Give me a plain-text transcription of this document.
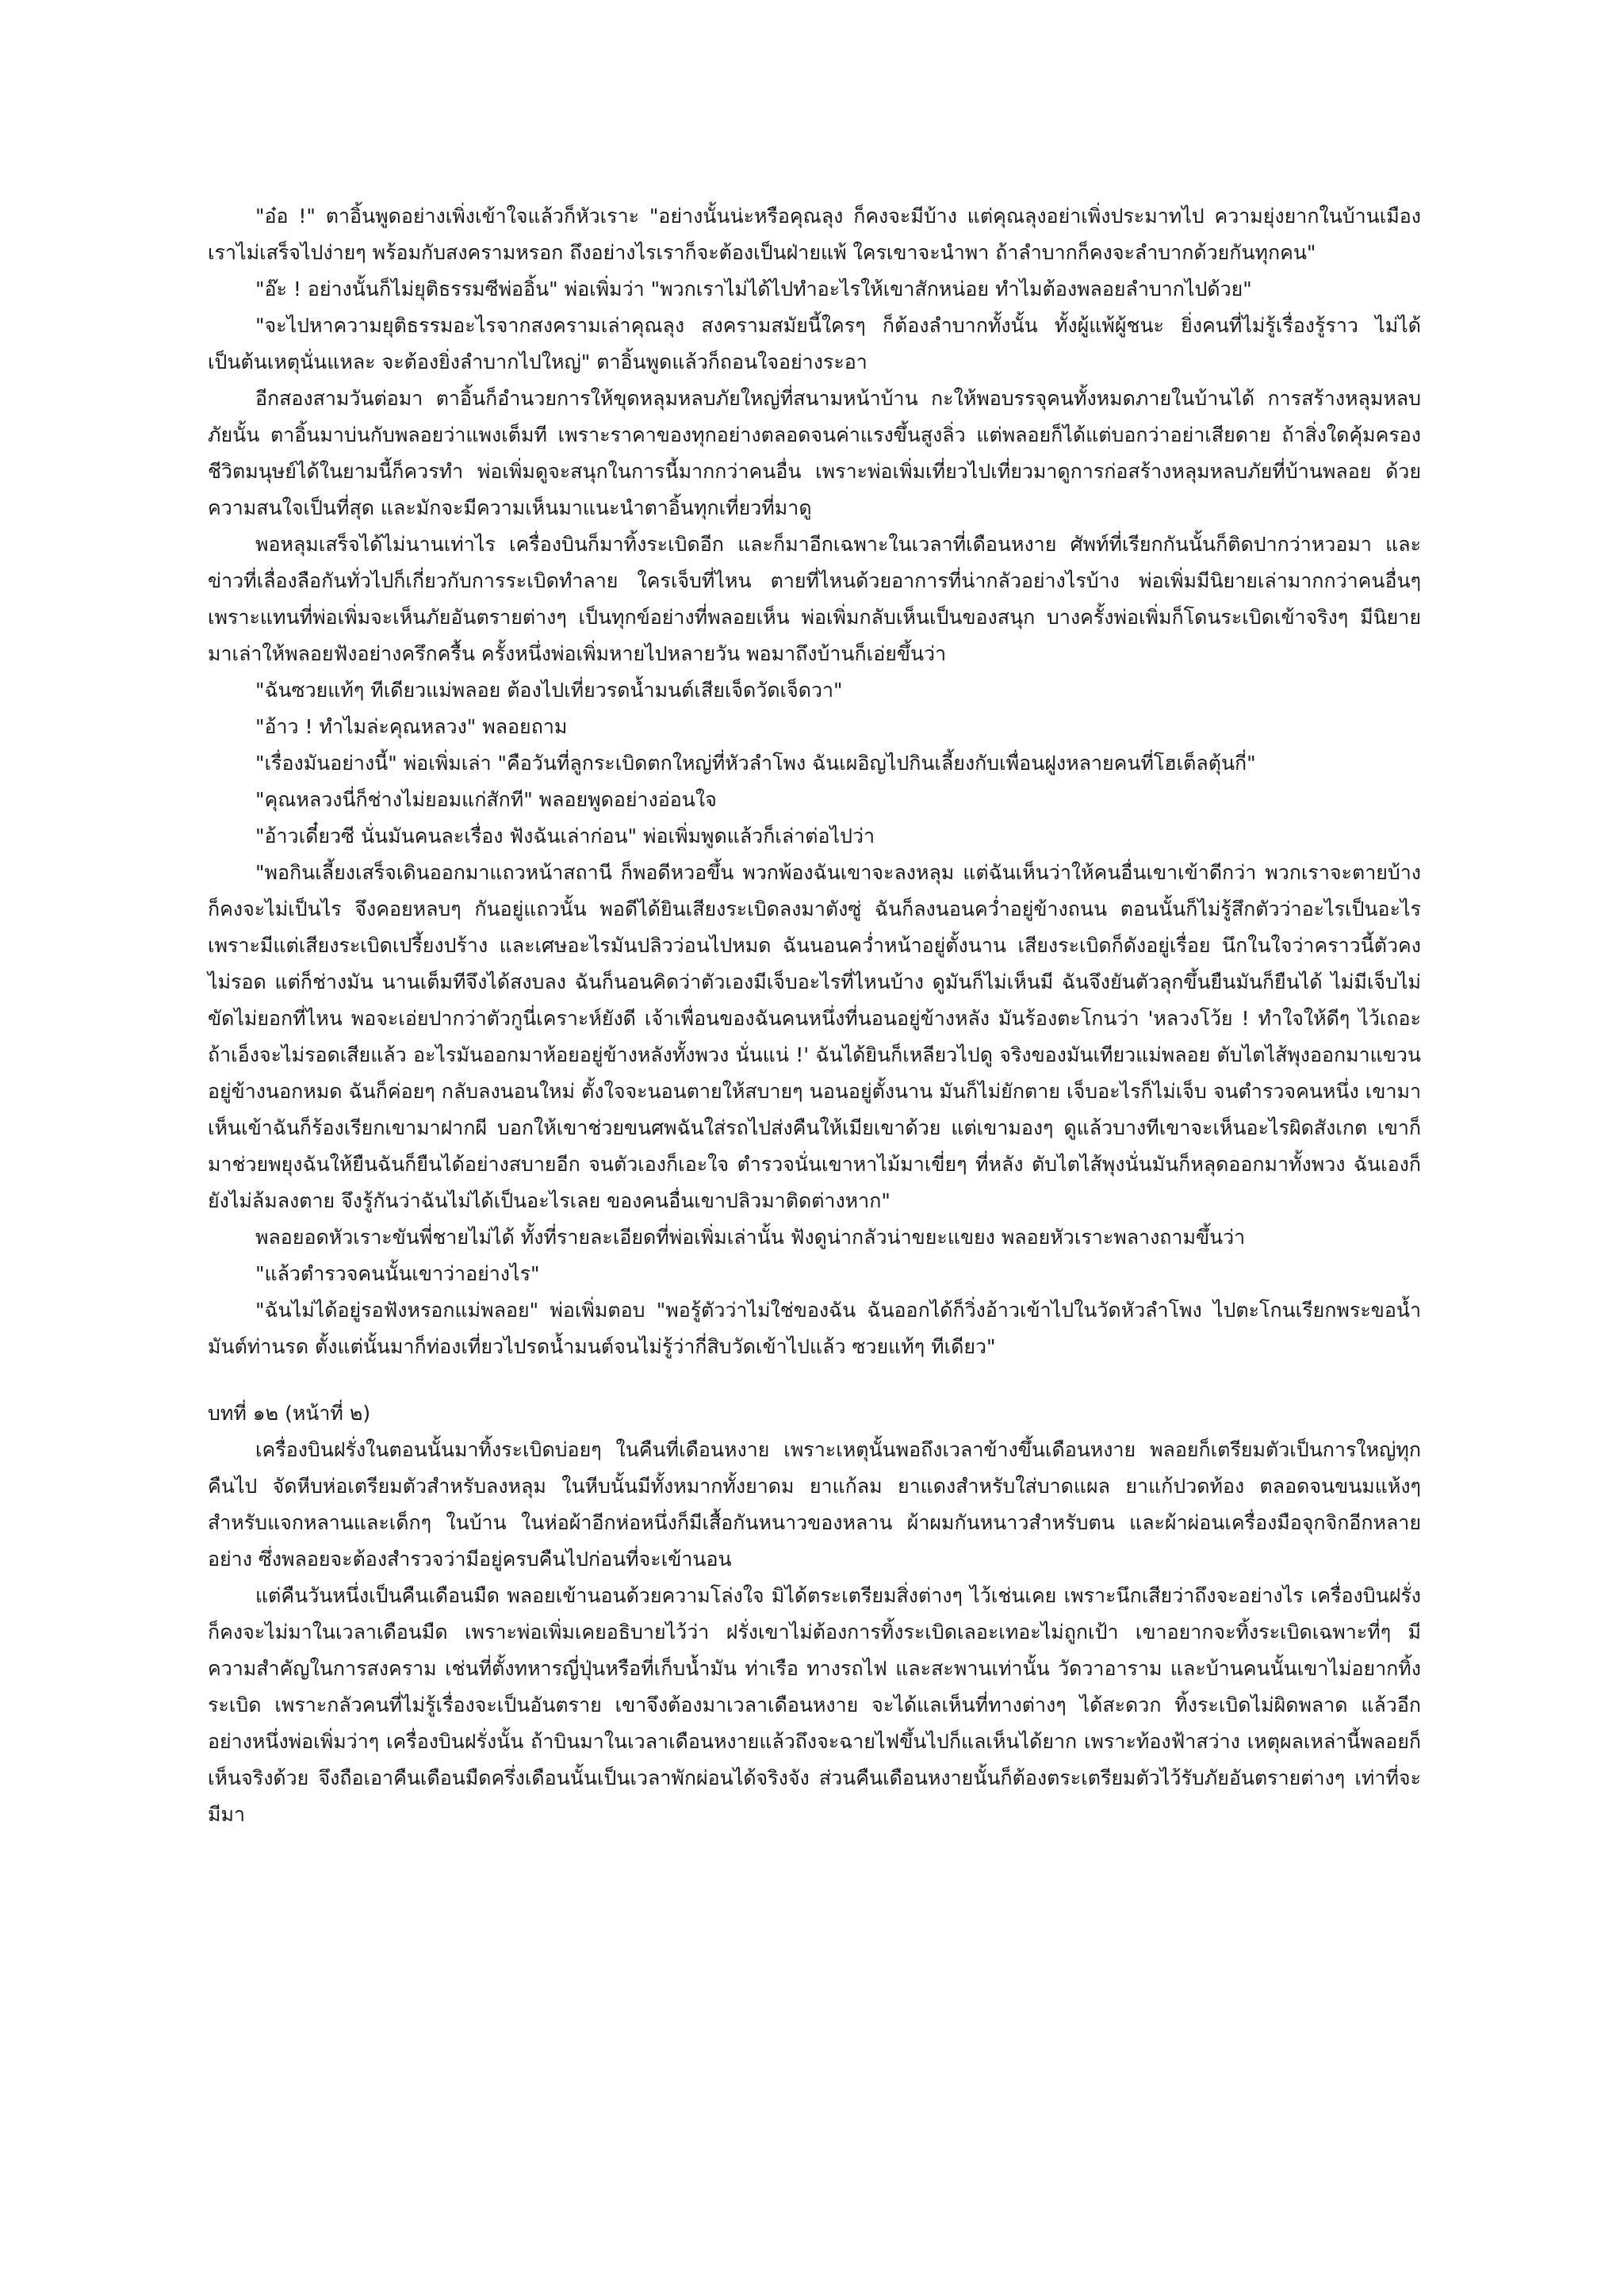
"อ๋อ !" ตาอิ้นพูดอย่างเพิ่งเข้าใจแล้วก็หัวเราะ "อย่างนั้นน่ะหรือคุณลุง ก็คงจะมีบ้าง แต่คุณลุงอย่าเพิ่งประมาทไป ความยุ่งยากในบ้านเมืองเราไม่เสร็จไปง่ายๆ พร้อมกับสงครามหรอก ถึงอย่างไรเราก็จะต้องเป็นฝ่ายแพ้ ใครเขาจะนำพา ถ้าลำบากก็คงจะลำบากด้วยกันทุกคน"

"อ๊ะ ! อย่างนั้นก็ไม่ยุติธรรมซีพ่ออิ้น" พ่อเพิ่มว่า "พวกเราไม่ได้ไปทำอะไรให้เขาสักหน่อย ทำไมต้องพลอยลำบากไปด้วย"

"จะไปหาความยุติธรรมอะไรจากสงครามเล่าคุณลุง สงครามสมัยนี้ใครๆ ก็ต้องลำบากทั้งนั้น ทั้งผู้แพ้ผู้ชนะ ยิ่งคนที่ไม่รู้เรื่องรู้ราว ไม่ได้เป็นต้นเหตุนั่นแหละ จะต้องยิ่งลำบากไปใหญ่" ตาอิ้นพูดแล้วก็ถอนใจอย่างระอา

อีกสองสามวันต่อมา ตาอิ้นก็อำนวยการให้ขุดหลุมหลบภัยใหญ่ที่สนามหน้าบ้าน กะให้พอบรรจุคนทั้งหมดภายในบ้านได้ การสร้างหลุมหลบภัยนั้น ตาอิ้นมาบ่นกับพลอยว่าแพงเต็มที เพราะราคาของทุกอย่างตลอดจนค่าแรงขึ้นสูงลิ่ว แต่พลอยก็ได้แต่บอกว่าอย่าเสียดาย ถ้าสิ่งใดคุ้มครองชีวิตมนุษย์ได้ในยามนี้ก็ควรทำ พ่อเพิ่มดูจะสนุกในการนี้มากกว่าคนอื่น เพราะพ่อเพิ่มเที่ยวไปเที่ยวมาดูการก่อสร้างหลุมหลบภัยที่บ้านพลอย ด้วยความสนใจเป็นที่สุด และมักจะมีความเห็นมาแนะนำตาอิ้นทุกเที่ยวที่มาดู

พอหลุมเสร็จได้ไม่นานเท่าไร เครื่องบินก็มาทิ้งระเบิดอีก และก็มาอีกเฉพาะในเวลาที่เดือนหงาย ศัพท์ที่เรียกกันนั้นก็ติดปากว่าหวอมา และข่าวที่เลื่องลือกันทั่วไปก็เกี่ยวกับการระเบิดทำลาย ใครเจ็บที่ไหน ตายที่ไหนด้วยอาการที่น่ากลัวอย่างไรบ้าง พ่อเพิ่มมีนิยายเล่ามากกว่าคนอื่นๆ เพราะแทนที่พ่อเพิ่มจะเห็นภัยอันตรายต่างๆ เป็นทุกข์อย่างที่พลอยเห็น พ่อเพิ่มกลับเห็นเป็นของสนุก บางครั้งพ่อเพิ่มก็โดนระเบิดเข้าจริงๆ มีนิยายมาเล่าให้พลอยฟังอย่างครึกครื้น ครั้งหนึ่งพ่อเพิ่มหายไปหลายวัน พอมาถึงบ้านก็เอ่ยขึ้นว่า

"ฉันซวยแท้ๆ ทีเดียวแม่พลอย ต้องไปเที่ยวรดน้ำมนต์เสียเจ็ดวัดเจ็ดวา"

"อ้าว ! ทำไมล่ะคุณหลวง" พลอยถาม

"เรื่องมันอย่างนี้" พ่อเพิ่มเล่า "คือวันที่ลูกระเบิดตกใหญ่ที่หัวลำโพง ฉันเผอิญไปกินเลี้ยงกับเพื่อนฝูงหลายคนที่โฮเต็ลตุ้นกี่"

"คุณหลวงนี่ก็ช่างไม่ยอมแก่สักที" พลอยพูดอย่างอ่อนใจ

"อ้าวเดี๋ยวซี นั่นมันคนละเรื่อง ฟังฉันเล่าก่อน" พ่อเพิ่มพูดแล้วก็เล่าต่อไปว่า

"พอกินเลี้ยงเสร็จเดินออกมาแถวหน้าสถานี ก็พอดีหวอขึ้น พวกพ้องฉันเขาจะลงหลุม แต่ฉันเห็นว่าให้คนอื่นเขาเข้าดีกว่า พวกเราจะตายบ้างก็คงจะไม่เป็นไร จึงคอยหลบๆ กันอยู่แถวนั้น พอดีได้ยินเสียงระเบิดลงมาตังซู่ ฉันก็ลงนอนคว่ำอยู่ข้างถนน ตอนนั้นก็ไม่รู้สึกตัวว่าอะไรเป็นอะไร เพราะมีแต่เสียงระเบิดเปรี้ยงปร้าง และเศษอะไรมันปลิวว่อนไปหมด ฉันนอนคว่ำหน้าอยู่ตั้งนาน เสียงระเบิดก็ดังอยู่เรื่อย นึกในใจว่าคราวนี้ตัวคงไม่รอด แต่ก็ช่างมัน นานเต็มทีจึงได้สงบลง ฉันก็นอนคิดว่าตัวเองมีเจ็บอะไรที่ไหนบ้าง ดูมันก็ไม่เห็นมี ฉันจึงยันตัวลุกขึ้นยืนมันก็ยืนได้ ไม่มีเจ็บไม่ขัดไม่ยอกที่ไหน พอจะเอ่ยปากว่าตัวกูนี่เคราะห์ยังดี เจ้าเพื่อนของฉันคนหนึ่งที่นอนอยู่ข้างหลัง มันร้องตะโกนว่า 'หลวงโว้ย ! ทำใจให้ดีๆ ไว้เถอะ ถ้าเอ็งจะไม่รอดเสียแล้ว อะไรมันออกมาห้อยอยู่ข้างหลังทั้งพวง นั่นแน่ !' ฉันได้ยินก็เหลียวไปดู จริงของมันเทียวแม่พลอย ตับไตไส้พุงออกมาแขวนอยู่ข้างนอกหมด ฉันก็ค่อยๆ กลับลงนอนใหม่ ตั้งใจจะนอนตายให้สบายๆ นอนอยู่ตั้งนาน มันก็ไม่ยักตาย เจ็บอะไรก็ไม่เจ็บ จนตำรวจคนหนึ่ง เขามาเห็นเข้าฉันก็ร้องเรียกเขามาฝากผี บอกให้เขาช่วยขนศพฉันใส่รถไปส่งคืนให้เมียเขาด้วย แต่เขามองๆ ดูแล้วบางทีเขาจะเห็นอะไรผิดสังเกต เขาก็มาช่วยพยุงฉันให้ยืนฉันก็ยืนได้อย่างสบายอีก จนตัวเองก็เอะใจ ตำรวจนั่นเขาหาไม้มาเขี่ยๆ ที่หลัง ตับไตไส้พุงนั่นมันก็หลุดออกมาทั้งพวง ฉันเองก็ยังไม่ล้มลงตาย จึงรู้กันว่าฉันไม่ได้เป็นอะไรเลย ของคนอื่นเขาปลิวมาติดต่างหาก"

พลอยอดหัวเราะขันพี่ชายไม่ได้ ทั้งที่รายละเอียดที่พ่อเพิ่มเล่านั้น ฟังดูน่ากลัวน่าขยะแขยง พลอยหัวเราะพลางถามขึ้นว่า

"แล้วตำรวจคนนั้นเขาว่าอย่างไร"

"ฉันไม่ได้อยู่รอฟังหรอกแม่พลอย" พ่อเพิ่มตอบ "พอรู้ตัวว่าไม่ใช่ของฉัน ฉันออกได้ก็วิ่งอ้าวเข้าไปในวัดหัวลำโพง ไปตะโกนเรียกพระขอน้ำมันต์ท่านรด ตั้งแต่นั้นมาก็ท่องเที่ยวไปรดน้ำมนต์จนไม่รู้ว่ากี่สิบวัดเข้าไปแล้ว ซวยแท้ๆ ทีเดียว"

บทที่ ๑๒ (หน้าที่ ๒)

เครื่องบินฝรั่งในตอนนั้นมาทิ้งระเบิดบ่อยๆ ในคืนที่เดือนหงาย เพราะเหตุนั้นพอถึงเวลาข้างขึ้นเดือนหงาย พลอยก็เตรียมตัวเป็นการใหญ่ทุกคืนไป จัดหีบห่อเตรียมตัวสำหรับลงหลุม ในหีบนั้นมีทั้งหมากทั้งยาดม ยาแก้ลม ยาแดงสำหรับใส่บาดแผล ยาแก้ปวดท้อง ตลอดจนขนมแห้งๆ สำหรับแจกหลานและเด็กๆ ในบ้าน ในห่อผ้าอีกห่อหนึ่งก็มีเสื้อกันหนาวของหลาน ผ้าผมกันหนาวสำหรับตน และผ้าผ่อนเครื่องมือจุกจิกอีกหลายอย่าง ซึ่งพลอยจะต้องสำรวจว่ามีอยู่ครบคืนไปก่อนที่จะเข้านอน

แต่คืนวันหนึ่งเป็นคืนเดือนมืด พลอยเข้านอนด้วยความโล่งใจ มิได้ตระเตรียมสิ่งต่างๆ ไว้เช่นเคย เพราะนึกเสียว่าถึงจะอย่างไร เครื่องบินฝรั่งก็คงจะไม่มาในเวลาเดือนมืด เพราะพ่อเพิ่มเคยอธิบายไว้ว่า ฝรั่งเขาไม่ต้องการทิ้งระเบิดเลอะเทอะไม่ถูกเป้า เขาอยากจะทิ้งระเบิดเฉพาะที่ๆ มีความสำคัญในการสงคราม เช่นที่ตั้งทหารญี่ปุ่นหรือที่เก็บน้ำมัน ท่าเรือ ทางรถไฟ และสะพานเท่านั้น วัดวาอาราม และบ้านคนนั้นเขาไม่อยากทิ้งระเบิด เพราะกลัวคนที่ไม่รู้เรื่องจะเป็นอันตราย เขาจึงต้องมาเวลาเดือนหงาย จะได้แลเห็นที่ทางต่างๆ ได้สะดวก ทิ้งระเบิดไม่ผิดพลาด แล้วอีกอย่างหนึ่งพ่อเพิ่มว่าๆ เครื่องบินฝรั่งนั้น ถ้าบินมาในเวลาเดือนหงายแล้วถึงจะฉายไฟขึ้นไปก็แลเห็นได้ยาก เพราะท้องฟ้าสว่าง เหตุผลเหล่านี้พลอยก็เห็นจริงด้วย จึงถือเอาคืนเดือนมืดครึ่งเดือนนั้นเป็นเวลาพักผ่อนได้จริงจัง ส่วนคืนเดือนหงายนั้นก็ต้องตระเตรียมตัวไว้รับภัยอันตรายต่างๆ เท่าที่จะมีมา
